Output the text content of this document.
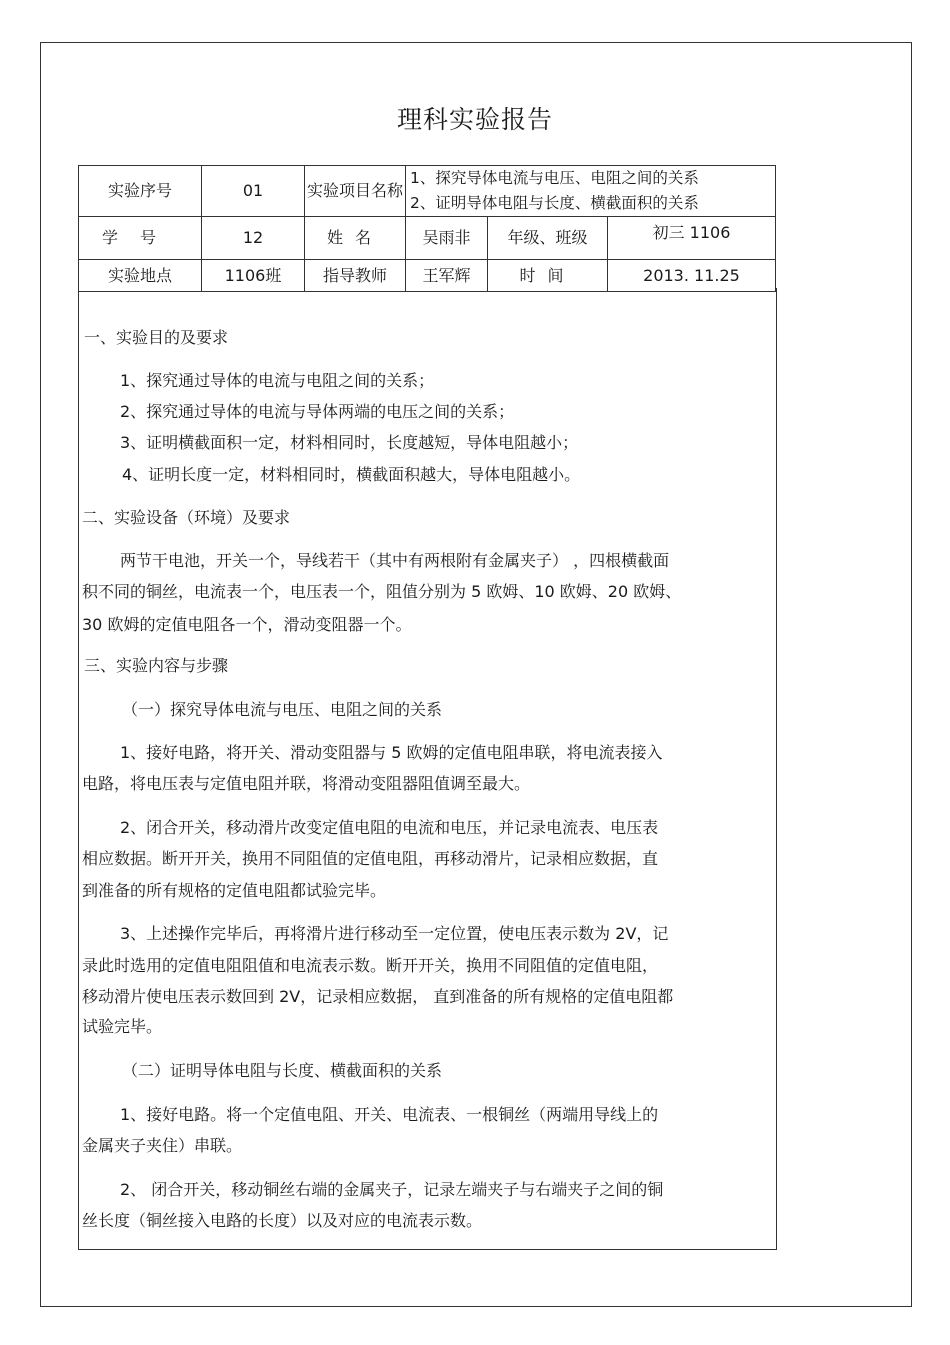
理科实验报告
实验序号	01	实验项目名称	1、探究导体电流与电压、电阻之间的关系
2、证明导体电阻与长度、横截面积的关系		

学号	12	姓名	吴雨非	年级、班级	初三 1106
实验地点	1106班	指导教师	王军辉	时间	2013. 11.25
一、实验目的及要求
1、探究通过导体的电流与电阻之间的关系；
2、探究通过导体的电流与导体两端的电压之间的关系；
3、证明横截面积一定，材料相同时，长度越短，导体电阻越小；
4、证明长度一定，材料相同时，横截面积越大，导体电阻越小。
二、实验设备（环境）及要求
两节干电池，开关一个，导线若干（其中有两根附有金属夹子） ，四根横截面
积不同的铜丝，电流表一个，电压表一个，阻值分别为 5 欧姆、10 欧姆、20 欧姆、
30 欧姆的定值电阻各一个，滑动变阻器一个。
三、实验内容与步骤
（一）探究导体电流与电压、电阻之间的关系
1、接好电路，将开关、滑动变阻器与 5 欧姆的定值电阻串联，将电流表接入
电路，将电压表与定值电阻并联，将滑动变阻器阻值调至最大。
2、闭合开关，移动滑片改变定值电阻的电流和电压，并记录电流表、电压表
相应数据。断开开关，换用不同阻值的定值电阻，再移动滑片，记录相应数据，直
到准备的所有规格的定值电阻都试验完毕。
3、上述操作完毕后，再将滑片进行移动至一定位置，使电压表示数为 2V，记
录此时选用的定值电阻阻值和电流表示数。断开开关，换用不同阻值的定值电阻，
移动滑片使电压表示数回到 2V，记录相应数据， 直到准备的所有规格的定值电阻都
试验完毕。
（二）证明导体电阻与长度、横截面积的关系
1、接好电路。将一个定值电阻、开关、电流表、一根铜丝（两端用导线上的
金属夹子夹住）串联。
2、 闭合开关，移动铜丝右端的金属夹子，记录左端夹子与右端夹子之间的铜
丝长度（铜丝接入电路的长度）以及对应的电流表示数。
